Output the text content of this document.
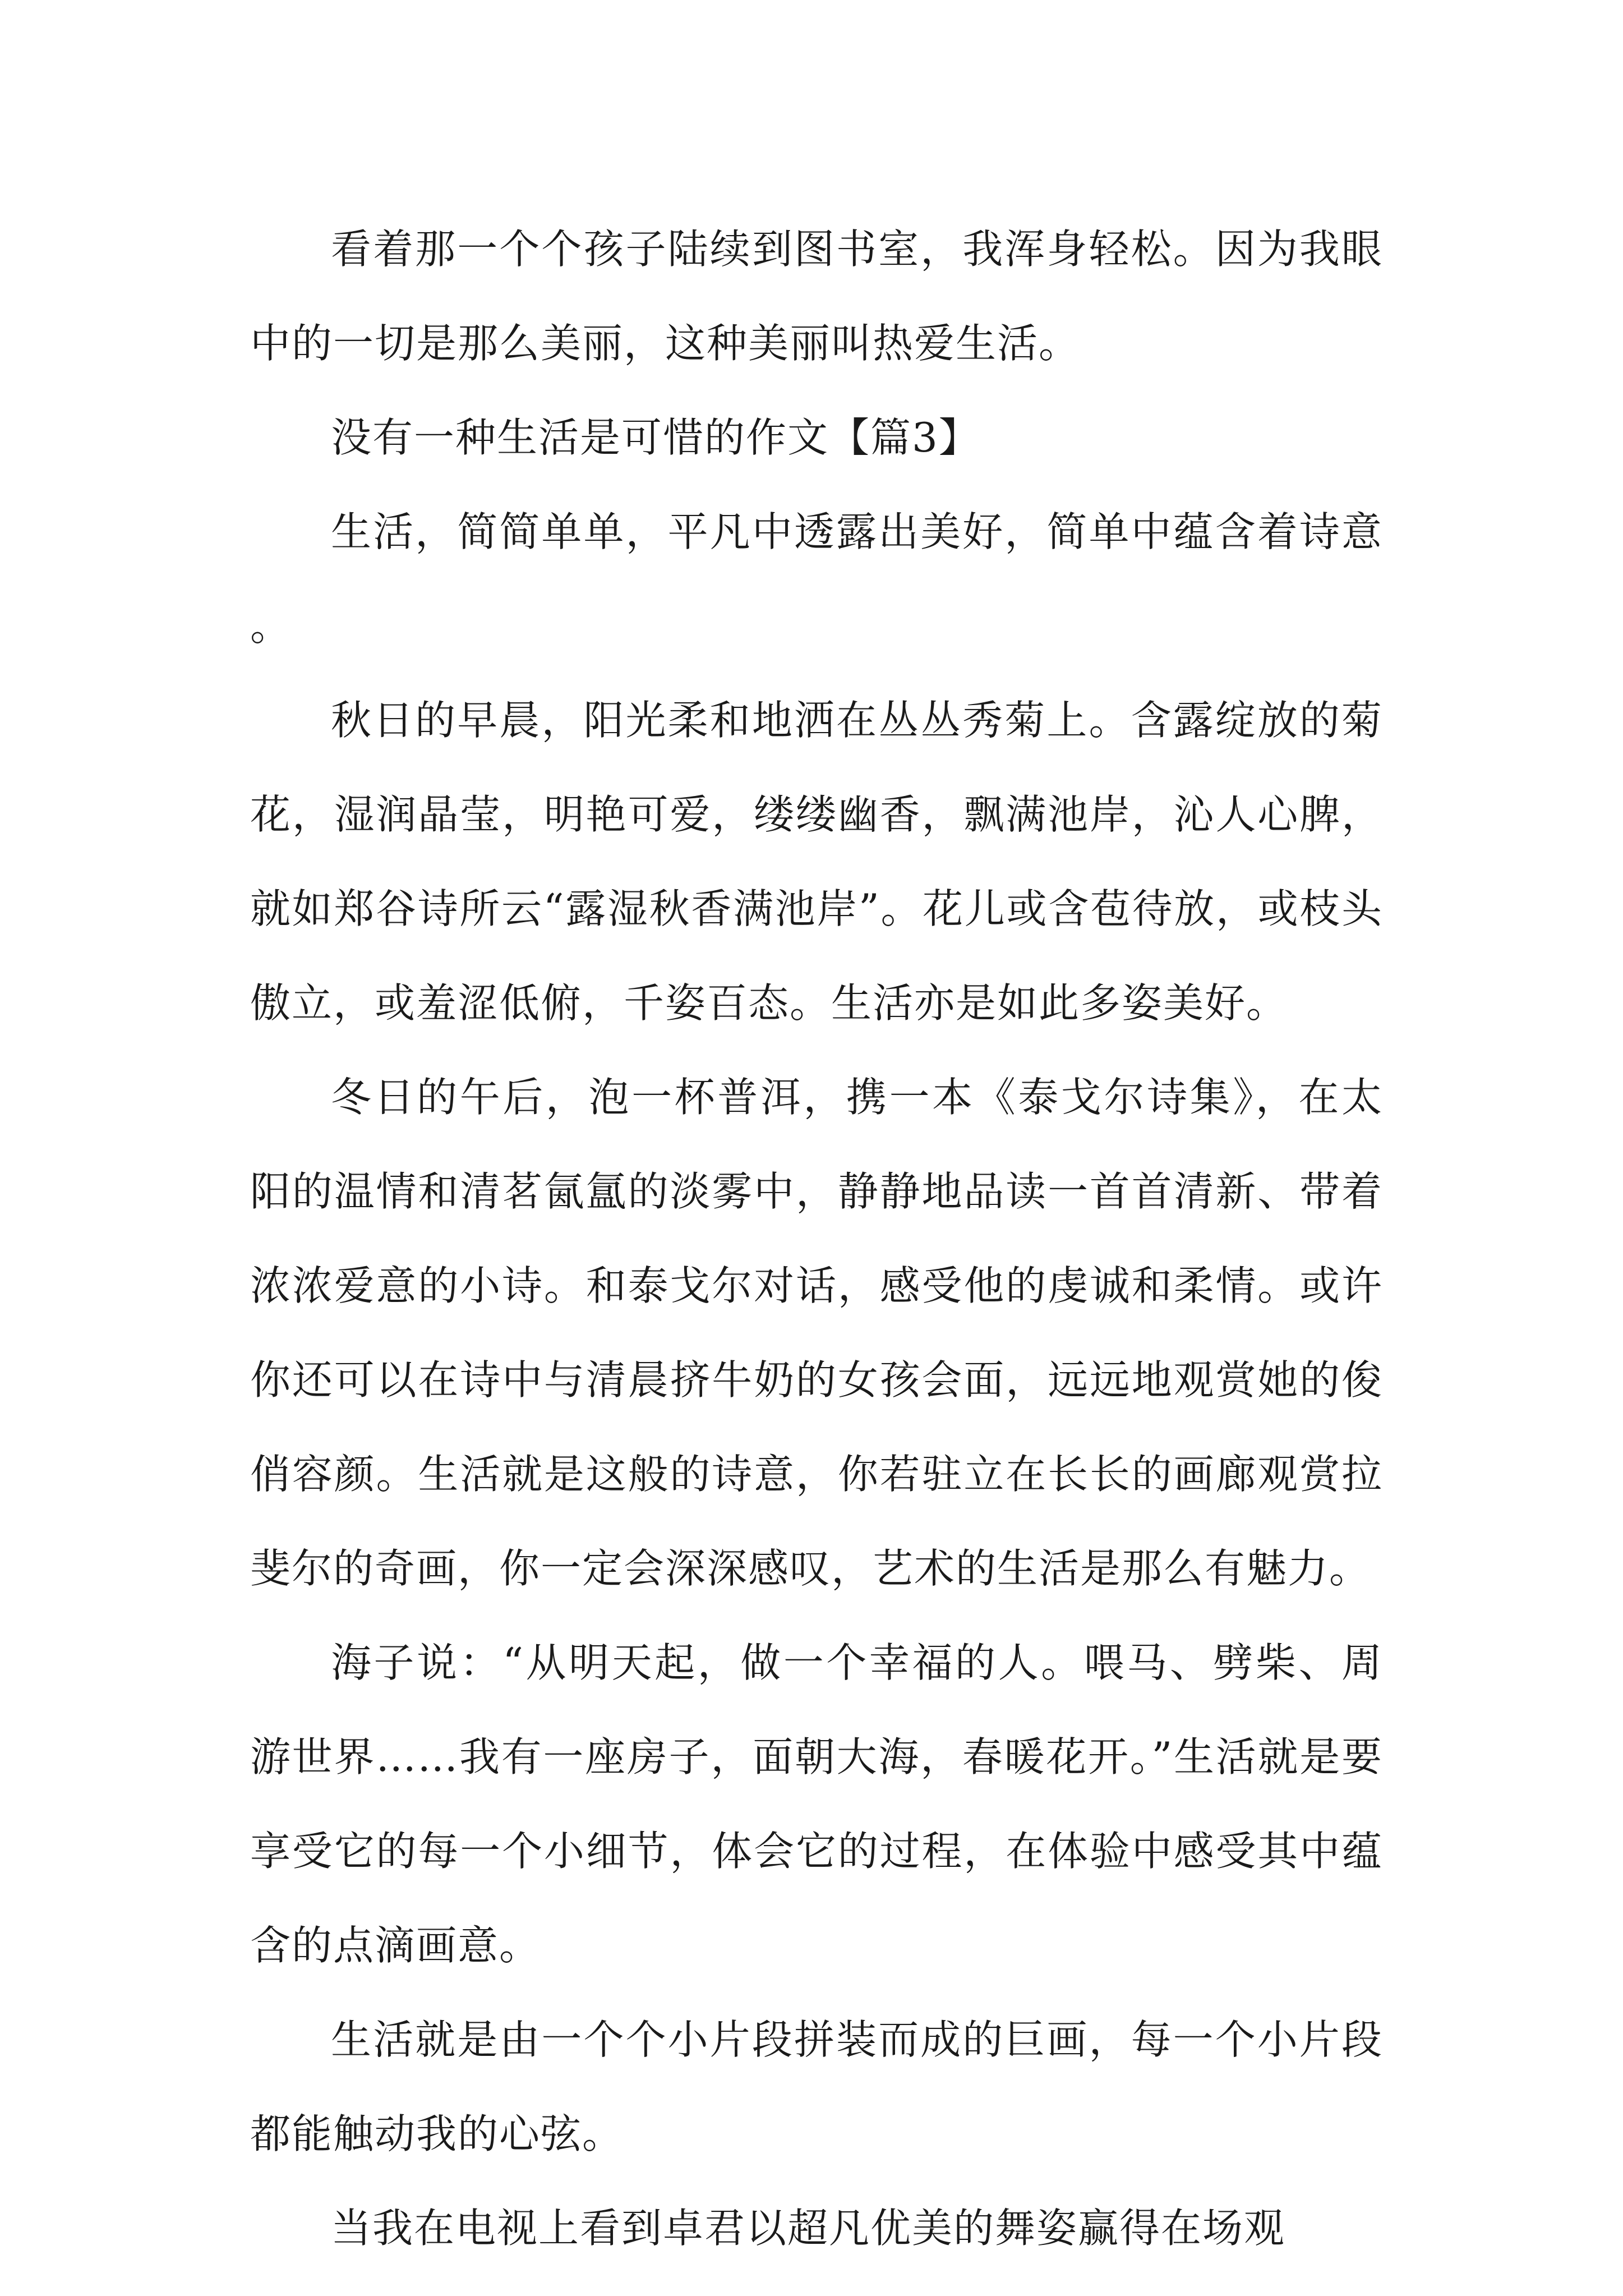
看着那一个个孩子陆续到图书室，我浑身轻松。因为我眼中的一切是那么美丽，这种美丽叫热爱生活。

没有一种生活是可惜的作文【篇3】

生活，简简单单，平凡中透露出美好，简单中蕴含着诗意。

秋日的早晨，阳光柔和地洒在丛丛秀菊上。含露绽放的菊花，湿润晶莹，明艳可爱，缕缕幽香，飘满池岸，沁人心脾，就如郑谷诗所云“露湿秋香满池岸”。花儿或含苞待放，或枝头傲立，或羞涩低俯，千姿百态。生活亦是如此多姿美好。

冬日的午后，泡一杯普洱，携一本《泰戈尔诗集》，在太阳的温情和清茗氤氲的淡雾中，静静地品读一首首清新、带着浓浓爱意的小诗。和泰戈尔对话，感受他的虔诚和柔情。或许你还可以在诗中与清晨挤牛奶的女孩会面，远远地观赏她的俊俏容颜。生活就是这般的诗意，你若驻立在长长的画廊观赏拉斐尔的奇画，你一定会深深感叹，艺术的生活是那么有魅力。

海子说：“从明天起，做一个幸福的人。喂马、劈柴、周游世界……我有一座房子，面朝大海，春暖花开。”生活就是要享受它的每一个小细节，体会它的过程，在体验中感受其中蕴含的点滴画意。

生活就是由一个个小片段拼装而成的巨画，每一个小片段都能触动我的心弦。

当我在电视上看到卓君以超凡优美的舞姿赢得在场观
